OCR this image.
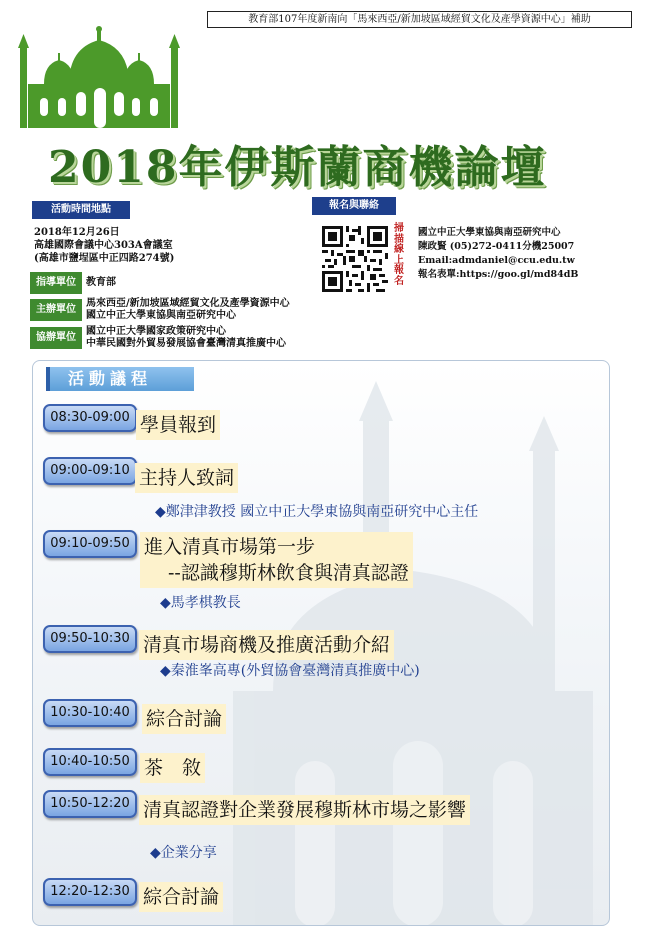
教育部107年度新南向「馬來西亞/新加坡區域經貿文化及產學資源中心」補助
2018年伊斯蘭商機論壇
活動時間地點
2018年12月26日
高雄國際會議中心303A會議室
(高雄市鹽埕區中正四路274號)
指導單位	教育部
主辦單位
馬來西亞/新加坡區域經貿文化及產學資源中心
國立中正大學東協與南亞研究中心
協辦單位
國立中正大學國家政策研究中心
中華民國對外貿易發展協會臺灣清真推廣中心
報名與聯絡
掃描線上報名
國立中正大學東協與南亞研究中心
陳政賢 (05)272-0411分機25007
Email:admdaniel@ccu.edu.tw
報名表單:https://goo.gl/md84dB
活動議程
08:30-09:00 學員報到
09:00-09:10 主持人致詞
◆鄭津津教授 國立中正大學東協與南亞研究中心主任
09:10-09:50 進入清真市場第一步
--認識穆斯林飲食與清真認證
◆馬孝棋教長
09:50-10:30 清真市場商機及推廣活動介紹
◆秦淮峯高專(外貿協會臺灣清真推廣中心)
10:30-10:40 綜合討論
10:40-10:50 茶　敘
10:50-12:20 清真認證對企業發展穆斯林市場之影響
◆企業分享
12:20-12:30 綜合討論
